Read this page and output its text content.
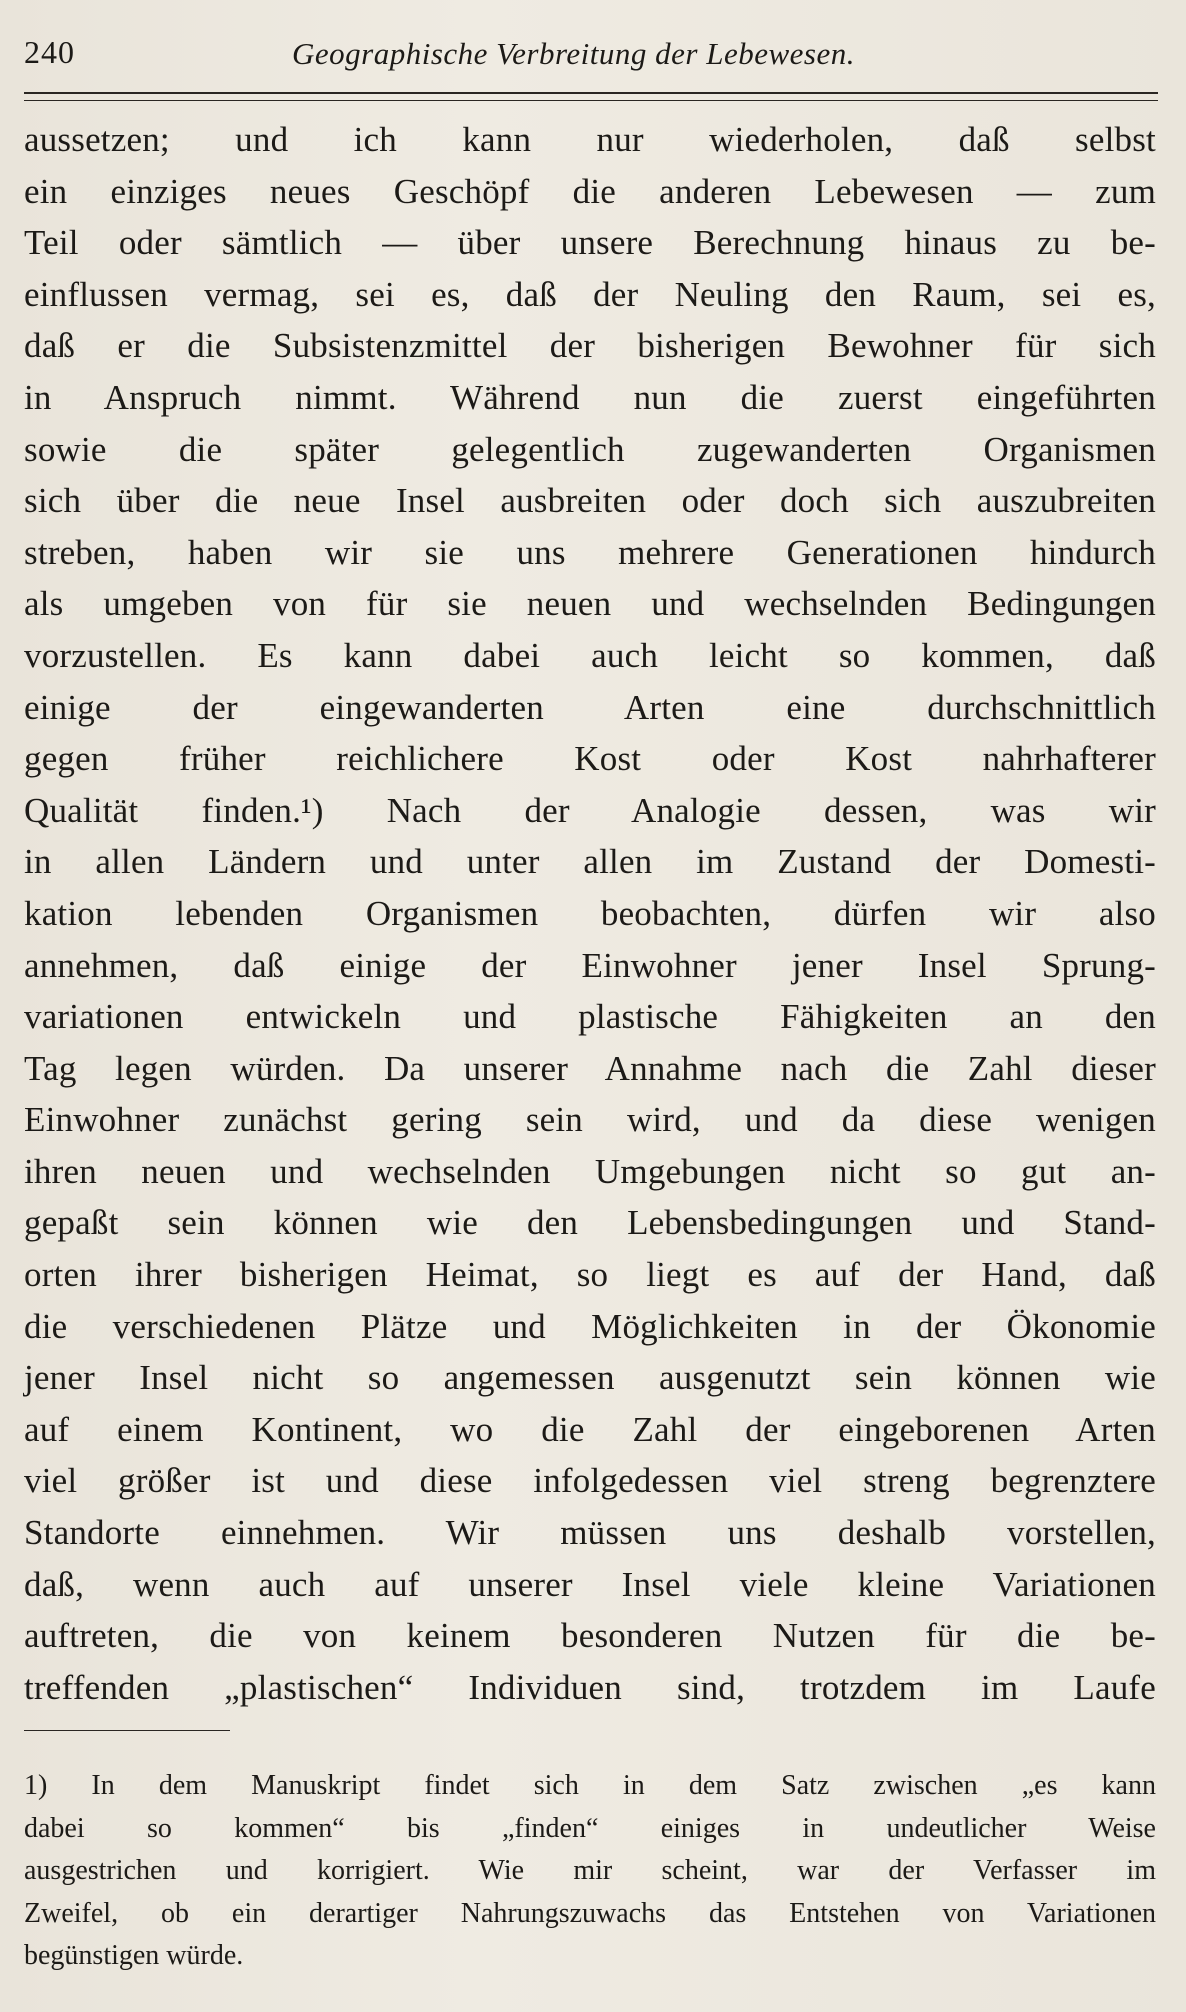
240	Geographische Verbreitung der Lebewesen.
aussetzen; und ich kann nur wiederholen, daß selbst
ein einziges neues Geschöpf die anderen Lebewesen — zum
Teil oder sämtlich — über unsere Berechnung hinaus zu be-
einflussen vermag, sei es, daß der Neuling den Raum, sei es,
daß er die Subsistenzmittel der bisherigen Bewohner für sich
in Anspruch nimmt. Während nun die zuerst eingeführten
sowie die später gelegentlich zugewanderten Organismen
sich über die neue Insel ausbreiten oder doch sich auszubreiten
streben, haben wir sie uns mehrere Generationen hindurch
als umgeben von für sie neuen und wechselnden Bedingungen
vorzustellen. Es kann dabei auch leicht so kommen, daß
einige der eingewanderten Arten eine durchschnittlich
gegen früher reichlichere Kost oder Kost nahrhafterer
Qualität finden.¹) Nach der Analogie dessen, was wir
in allen Ländern und unter allen im Zustand der Domesti-
kation lebenden Organismen beobachten, dürfen wir also
annehmen, daß einige der Einwohner jener Insel Sprung-
variationen entwickeln und plastische Fähigkeiten an den
Tag legen würden. Da unserer Annahme nach die Zahl dieser
Einwohner zunächst gering sein wird, und da diese wenigen
ihren neuen und wechselnden Umgebungen nicht so gut an-
gepaßt sein können wie den Lebensbedingungen und Stand-
orten ihrer bisherigen Heimat, so liegt es auf der Hand, daß
die verschiedenen Plätze und Möglichkeiten in der Ökonomie
jener Insel nicht so angemessen ausgenutzt sein können wie
auf einem Kontinent, wo die Zahl der eingeborenen Arten
viel größer ist und diese infolgedessen viel streng begrenztere
Standorte einnehmen. Wir müssen uns deshalb vorstellen,
daß, wenn auch auf unserer Insel viele kleine Variationen
auftreten, die von keinem besonderen Nutzen für die be-
treffenden „plastischen“ Individuen sind, trotzdem im Laufe
1) In dem Manuskript findet sich in dem Satz zwischen „es kann
dabei so kommen“ bis „finden“ einiges in undeutlicher Weise
ausgestrichen und korrigiert. Wie mir scheint, war der Verfasser im
Zweifel, ob ein derartiger Nahrungszuwachs das Entstehen von Variationen
begünstigen würde.
